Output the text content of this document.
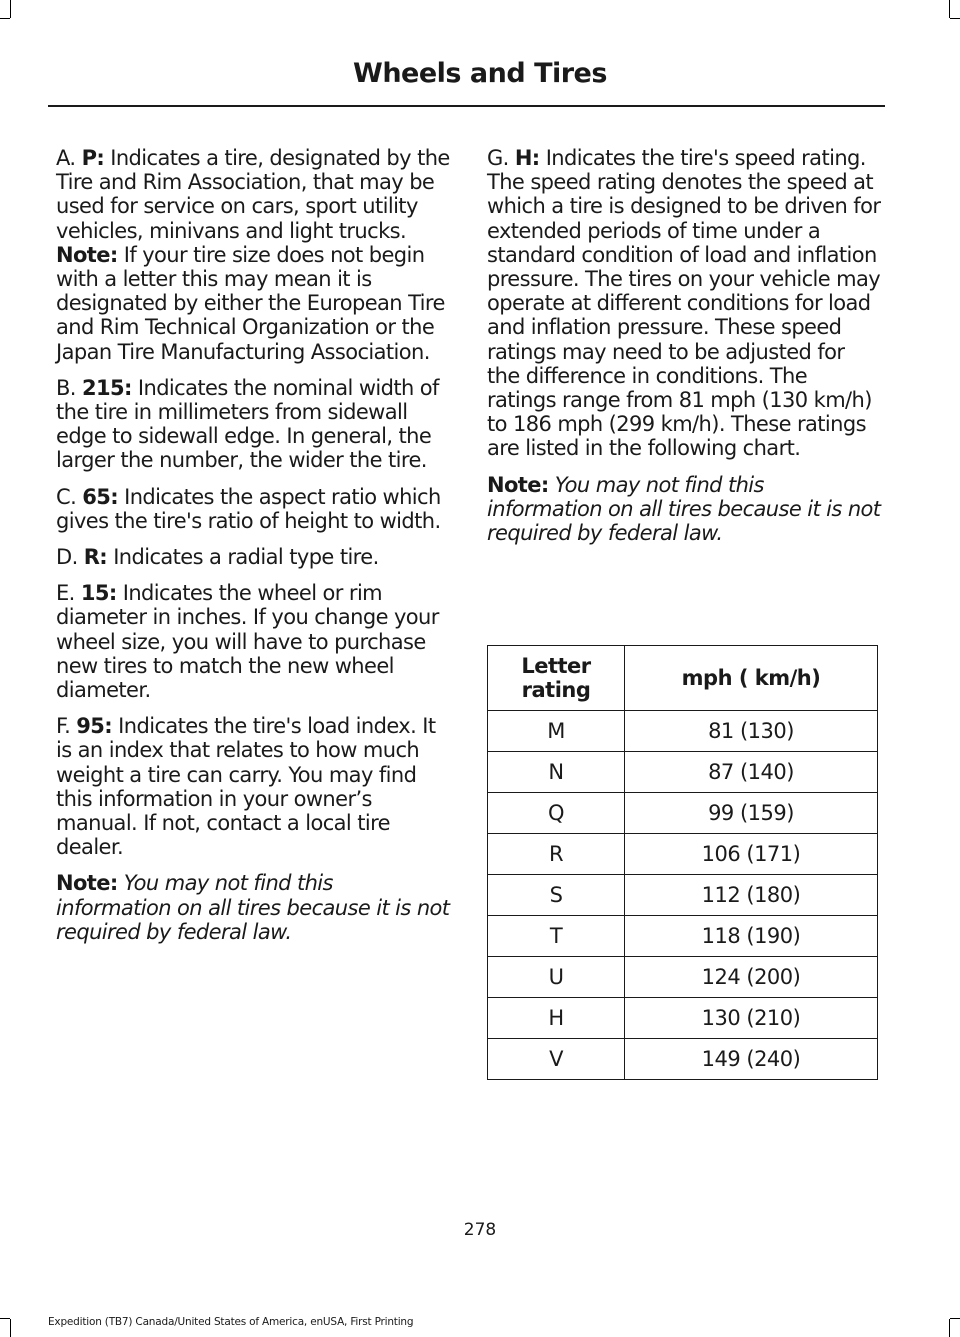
Wheels and Tires

A. P: Indicates a tire, designated by the Tire and Rim Association, that may be used for service on cars, sport utility vehicles, minivans and light trucks. Note: If your tire size does not begin with a letter this may mean it is designated by either the European Tire and Rim Technical Organization or the Japan Tire Manufacturing Association.

B. 215: Indicates the nominal width of the tire in millimeters from sidewall edge to sidewall edge. In general, the larger the number, the wider the tire.

C. 65: Indicates the aspect ratio which gives the tire's ratio of height to width.

D. R: Indicates a radial type tire.

E. 15: Indicates the wheel or rim diameter in inches. If you change your wheel size, you will have to purchase new tires to match the new wheel diameter.

F. 95: Indicates the tire's load index. It is an index that relates to how much weight a tire can carry. You may find this information in your owner’s manual. If not, contact a local tire dealer.

Note: You may not find this information on all tires because it is not required by federal law.

G. H: Indicates the tire's speed rating. The speed rating denotes the speed at which a tire is designed to be driven for extended periods of time under a standard condition of load and inflation pressure. The tires on your vehicle may operate at different conditions for load and inflation pressure. These speed ratings may need to be adjusted for the difference in conditions. The ratings range from 81 mph (130 km/h) to 186 mph (299 km/h). These ratings are listed in the following chart.

Note: You may not find this information on all tires because it is not required by federal law.

Letter rating	mph ( km/h)
M	81 (130)
N	87 (140)
Q	99 (159)
R	106 (171)
S	112 (180)
T	118 (190)
U	124 (200)
H	130 (210)
V	149 (240)
278
Expedition (TB7) Canada/United States of America, enUSA, First Printing
